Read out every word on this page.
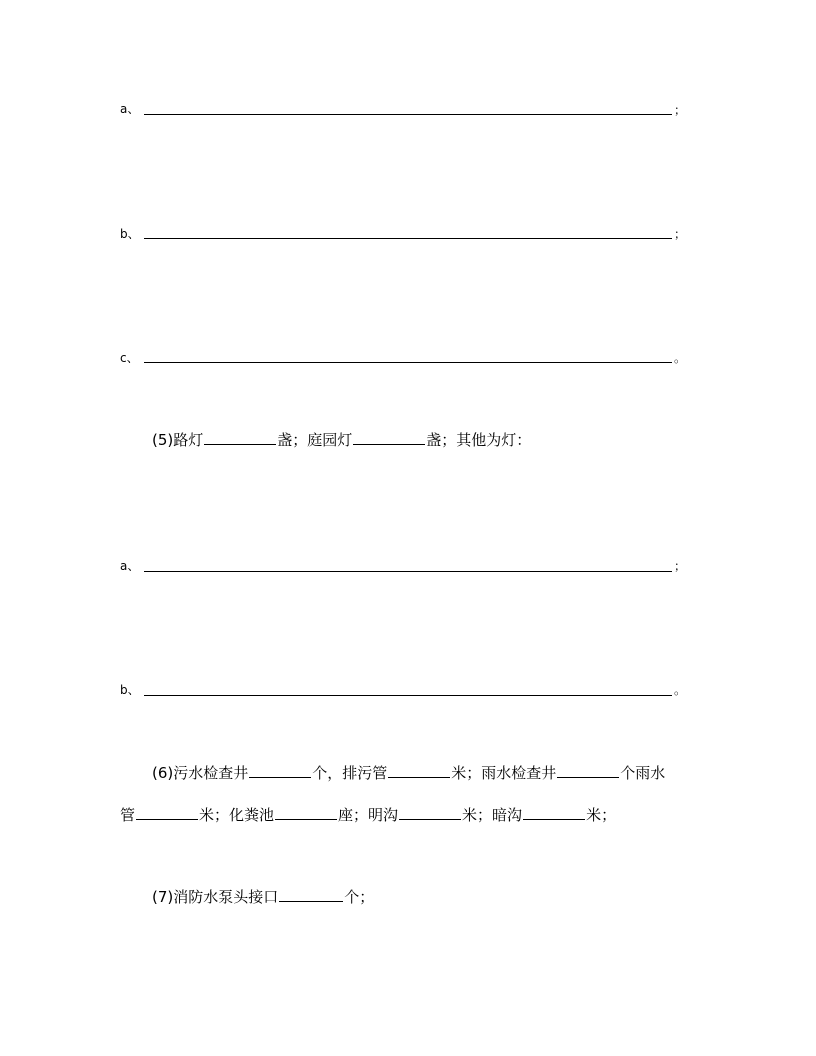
a、	；
b、	；
c、	。
(5)路灯	盏；庭园灯	盏；其他为灯：
a、	；
b、	。
(6)污水检查井	个，排污管	米；雨水检查井	个雨水
管	米；化粪池	座；明沟	米；暗沟	米；
(7)消防水泵头接口	个；
